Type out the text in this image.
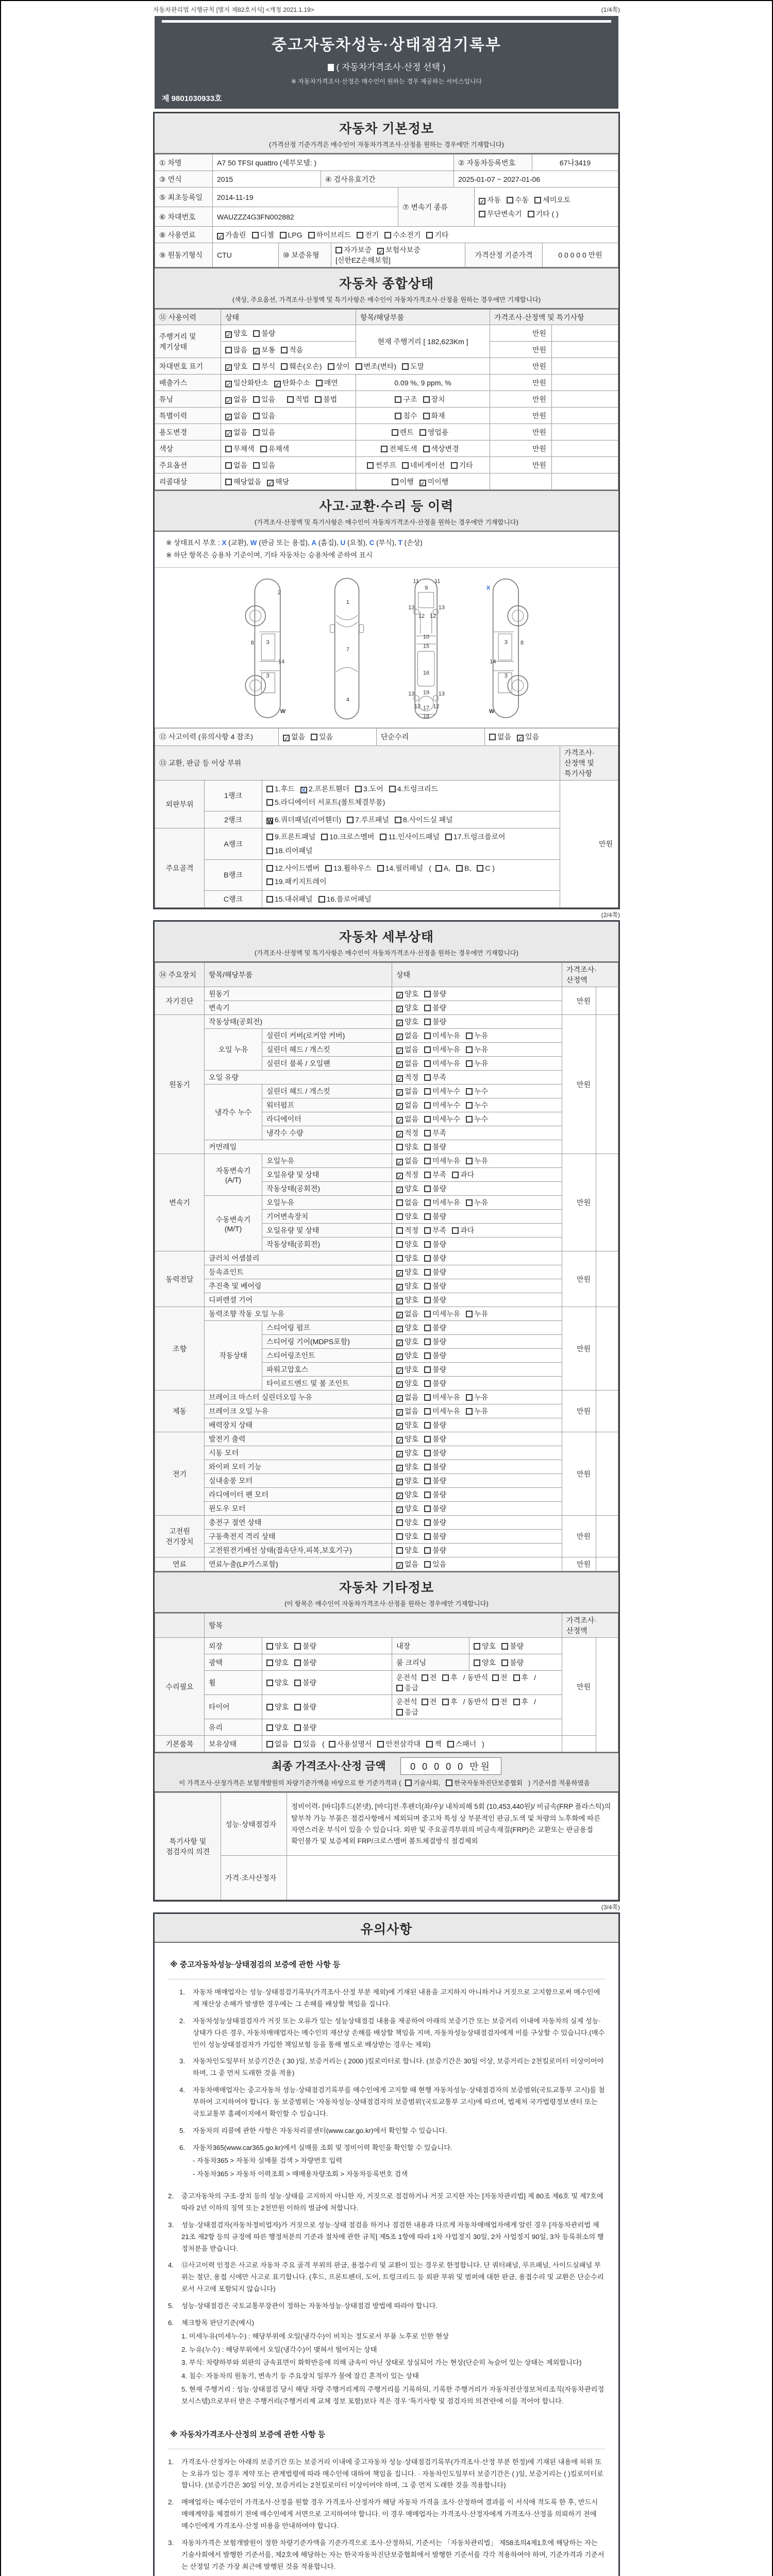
자동차관리법 시행규칙 [별지 제82호서식] <개정 2021.1.19>	(1/4쪽)
중고자동차성능·상태점검기록부
( 자동차가격조사·산정 선택 )
※ 자동차가격조사·산정은 매수인이 원하는 경우 제공하는 서비스입니다
제 9801030933호
자동차 기본정보
(가격산정 기준가격은 매수인이 자동차가격조사·산정을 원하는 경우에만 기재합니다)
① 차명	A7 50 TFSI quattro (세부모델: )	② 자동차등록번호	67나3419
③ 연식	2015	④ 검사유효기간	2025-01-07 ~ 2027-01-06
⑤ 최초등록일	2014-11-19	⑦ 변속기 종류	✓ 자동 수동 세미오토
무단변속기 기타 ( )
⑥ 차대번호	WAUZZZ4G3FN002882		
⑧ 사용연료	✓ 가솔린 디젤 LPG 하이브리드 전기 수소전기 기타
⑨ 원동기형식	CTU	⑩ 보증유형	자가보증 ✓ 보험사보증[신한EZ손해보험]	가격산정 기준가격	0 0 0 0 0 만원
자동차 종합상태
(색상, 주요옵션, 가격조사·산정액 및 특기사항은 매수인이 자동차가격조사·산정을 원하는 경우에만 기재합니다)
⑪ 사용이력	상태	항목/해당부품	가격조사·산정액 및 특기사항	
주행거리 및 계기상태	✓ 양호 불량	현재 주행거리 [ 182,623Km ]	만원	
	많음 ✓ 보통 적음		만원	
차대번호 표기	✓ 양호 부식 훼손(오손) 상이 변조(변타) 도말		만원	
배출가스	✓ 일산화탄소 ✓ 탄화수소 매연	0.09 %, 9 ppm, %	만원	
튜닝	✓ 없음 있음 적법 불법	구조 장치	만원	
특별이력	✓ 없음 있음	침수 화재	만원	
용도변경	✓ 없음 있음	렌트 영업용	만원	
색상	무채색 유채색	전체도색 색상변경	만원	
주요옵션	없음 있음	썬루프 네비게이션 기타	만원	
리콜대상	해당없음 ✓ 해당	이행 ✓ 미이행		
사고·교환·수리 등 이력
(가격조사·산정액 및 특기사항은 매수인이 자동차가격조사·산정을 원하는 경우에만 기재합니다)
※ 상태표시 부호 : X (교환), W (판금 또는 용접), A (흠집), U (요철), C (부식), T (손상)
※ 하단 항목은 승용차 기준이며, 기타 자동차는 승용차에 준하여 표시
2
8 3
14
3
W
1
7
4
9
11 11
13	13
12 12
10
15
16
13 19 13
12 17 12
18
X
3 8
14
3
W
⑫ 사고이력 (유의사항 4 참조)	✓ 없음 있음	단순수리	없음 ✓ 있음
⑬ 교환, 판금 등 이상 부위			가격조사·산정액 및 특기사항
외판부위	1랭크	1.후드 X 2.프론트휀더 3.도어 4.트렁크리드
5.라디에이터 서포트(볼트체결부품)	만원
	2랭크	W 6.쿼더패널(리어휀더) 7.루프패널 8.사이드실 패널	
주요골격	A랭크	9.프론트패널 10.크로스멤버 11.인사이드패널 17.트렁크플로어
18.리어패널	
	B랭크	12.사이드멤버 13.휠하우스 14.필러패널 ( A, B, C )
19.패키지트레이	
	C랭크	15.대쉬패널 16.플로어패널	
(2/4쪽)
자동차 세부상태
(가격조사·산정액 및 특기사항은 매수인이 자동차가격조사·산정을 원하는 경우에만 기재합니다)
⑭ 주요장치	항목/해당부품		상태	가격조사·산정액	
자기진단	원동기		✓ 양호 불량	만원	
	변속기		✓ 양호 불량		
원동기	작동상태(공회전)		✓ 양호 불량	만원	
	오일 누유	실린더 커버(로커암 커버)	✓ 없음 미세누유 누유		
		실린더 헤드 / 개스킷	✓ 없음 미세누유 누유		
		실린더 블록 / 오일팬	✓ 없음 미세누유 누유		
	오일 유량		✓ 적정 부족		
	냉각수 누수	실린더 헤드 / 개스킷	✓ 없음 미세누수 누수		
		워터펌프	✓ 없음 미세누수 누수		
		라디에이터	✓ 없음 미세누수 누수		
		냉각수 수량	✓ 적정 부족		
	커먼레일		양호 불량		
변속기	자동변속기 (A/T)	오일누유	✓ 없음 미세누유 누유	만원	
		오일유량 및 상태	✓ 적정 부족 과다		
		작동상태(공회전)	✓ 양호 불량		
	수동변속기 (M/T)	오일누유	없음 미세누유 누유		
		기어변속장치	양호 불량		
		오일유량 및 상태	적정 부족 과다		
		작동상태(공회전)	양호 불량		
동력전달	클러치 어셈블리		양호 불량	만원	
	등속죠인트		✓ 양호 불량		
	추진축 및 베어링		✓ 양호 불량		
	디퍼렌셜 기어		✓ 양호 불량		
조향	동력조향 작동 오일 누유		✓ 없음 미세누유 누유	만원	
	작동상태	스티어링 펌프	✓ 양호 불량		
		스티어링 기어(MDPS포함)	✓ 양호 불량		
		스티어링조인트	✓ 양호 불량		
		파워고압호스	✓ 양호 불량		
		타이로드엔드 및 볼 조인트	✓ 양호 불량		
제동	브레이크 마스터 실린더오일 누유		✓ 없음 미세누유 누유	만원	
	브레이크 오일 누유		✓ 없음 미세누유 누유		
	배력장치 상태		✓ 양호 불량		
전기	발전기 출력		✓ 양호 불량	만원	
	시동 모터		✓ 양호 불량		
	와이퍼 모터 기능		✓ 양호 불량		
	실내송풍 모터		✓ 양호 불량		
	라디에이터 팬 모터		✓ 양호 불량		
	윈도우 모터		✓ 양호 불량		
고전원 전기장치	충전구 절연 상태		양호 불량	만원	
	구동축전지 격리 상태		양호 불량		
	고전원전기배선 상태(접속단자,피복,보호기구)		양호 불량		
연료	연료누출(LP가스포함)		✓ 없음 있음	만원	
자동차 기타정보
(이 항목은 매수인이 자동차가격조사·산정을 원하는 경우에만 기재합니다)
	항목				가격조사·산정액	
수리필요	외장	양호 불량	내장	양호 불량	만원	
	광택	양호 불량	룸 크리닝	양호 불량		
	휠	양호 불량	운전석 전 후 / 동반석 전 후 /응급			
	타이어	양호 불량	운전석 전 후 / 동반석 전 후 /응급			
	유리	양호 불량				
기본품목	보유상태	없음 있음 ( 사용설명서 안전삼각대 잭 스패너 )				
최종 가격조사·산정 금액	0 0 0 0 0 만원
이 가격조사·산정가격은 보험개발원의 차량기준가액을 바탕으로 한 기준가격과 ( 기술사회, 한국자동차진단보증협회 ) 기준서를 적용하였음
특기사항 및 점검자의 의견	성능·상태점검자	정비이력- [바디]후드(본넷), [바디]전·후펜더(좌/우)/ 내차피해 5회 (10,453,440원)/ 비금속(FRP 플라스틱)의 탈부착 가능 부품은 점검사항에서 제외되며 중고차 특성 상 부분적인 판금,도색 및 차량의 노후화에 따른 자연스러운 부식이 있을 수 있습니다. 외판 및 주요골격부위의 비금속재질(FRP)은 교환또는 판금용접 확인불가 및 보증제외 FRP/크로스멤버 볼트체결방식 점검제외
	가격·조사산정자	
(3/4쪽)
유의사항
※ 중고자동차성능·상태점검의 보증에 관한 사항 등
1.	자동차 매매업자는 성능·상태점검기록부(가격조사·산정 부분 제외)에 기재된 내용을 고지하지 아니하거나 거짓으로 고지함으로써 매수인에게 재산상 손해가 발생한 경우에는 그 손해를 배상할 책임을 집니다.
2.	자동차성능상태점검자가 거짓 또는 오류가 있는 성능상태점검 내용을 제공하여 아래의 보증기간 또는 보증거리 이내에 자동차의 실제 성능·상태가 다른 경우, 자동차매매업자는 매수인의 재산상 손해를 배상할 책임을 지며, 자동차성능상태점검자에게 이를 구상할 수 있습니다.(매수인이 성능상태점검자가 가입한 책임보험 등을 통해 별도로 배상받는 경우는 제외)
3.	자동차인도일부터 보증기간은 ( 30 )일, 보증거리는 ( 2000 )킬로미터로 합니다. (보증기간은 30일 이상, 보증거리는 2천킬로미터 이상이어야 하며, 그 중 먼저 도래한 것을 적용)
4.	자동차매매업자는 중고자동차 성능·상태점검기록부를 매수인에게 고지할 때 현행 자동차성능·상태점검자의 보증범위(국토교통부 고시)를 첨부하여 고지하여야 합니다. 동 보증범위는 '자동차성능·상태점검자의 보증범위'(국토교통부 고시)에 따르며, 법제처 국가법령정보센터 또는 국토교통부 홈페이지에서 확인할 수 있습니다.
5.	자동차의 리콜에 관한 사항은 자동차리콜센터(www.car.go.kr)에서 확인할 수 있습니다.
6.	자동차365(www.car365.go.kr)에서 실매물 조회 및 정비이력 확인을 확인할 수 있습니다.
- 자동차365 > 자동차 실매물 검색 > 차량번호 입력
- 자동차365 > 자동차 이력조회 > 매매용차량조회 > 자동차등록번호 검색
2.	중고자동차의 구조·장치 등의 성능·상태를 고지하지 아니한 자, 거짓으로 점검하거나 거짓 고지한 자는 [자동차관리법] 제 80조 제6호 및 제7호에 따라 2년 이하의 징역 또는 2천만원 이하의 벌금에 처합니다.
3.	성능·상태점검자(자동차정비업자)가 거짓으로 성능·상태 점검을 하거나 점검한 내용과 다르게 자동차매매업자에게 알린 경우 [자동차관리법 제21조 제2항 등의 규정에 따른 행정처분의 기준과 절차에 관한 규칙] 제5조 1항에 따라 1차 사업정지 30일, 2차 사업정지 90일, 3차 등록취소의 행정처분을 받습니다.
4.	⑫사고이력 인정은 사고로 자동차 주요 골격 부위의 판금, 용접수리 및 교환이 있는 경우로 한정합니다. 단 쿼터패널, 루프패널, 사이드실패널 부위는 절단, 용접 시에만 사고로 표기합니다. (후드, 프론트펜더, 도어, 트렁크리드 등 외판 부위 및 범퍼에 대한 판금, 용접수리 및 교환은 단순수리로서 사고에 포함되지 않습니다)
5.	성능·상태점검은 국토교통부장관이 정하는 자동차성능·상태점검 방법에 따라야 합니다.
6.	체크항목 판단기준(예시)
1. 미세누유(미세누수) : 해당부위에 오일(냉각수)이 비치는 정도로서 부품 노후로 인한 현상
2. 누유(누수) : 해당부위에서 오일(냉각수)이 맺혀서 떨어지는 상태
3. 부식: 차량하부와 외판의 금속표면이 화학반응에 의해 금속이 아닌 상태로 상실되어 가는 현상(단순히 녹슬어 있는 상태는 제외합니다)
4. 침수: 자동차의 원동기, 변속기 등 주요장치 일부가 물에 잠긴 흔적이 있는 상태
5. 현재 주행거리 : 성능·상태점검 당시 해당 차량 주행거리계의 주행거리를 기록하되, 기록한 주행거리가 자동차전산정보처리조직(자동차관리정보시스템)으로부터 받은 주행거리(주행거리계 교체 정보 포함)보다 적은 경우 '특기사항 및 점검자의 의견'란에 이를 적어야 합니다.
※ 자동차가격조사·산정의 보증에 관한 사항 등
1.	가격조사·산정자는 아래의 보증기간 또는 보증거리 이내에 중고자동차 성능·상태점검기록부(가격조사·산정 부분 한정)에 기재된 내용에 허위 또는 오류가 있는 경우 계약 또는 관계법령에 따라 매수인에 대하여 책임을 집니다. · 자동차인도일부터 보증기간은 ( )일, 보증거리는 ( )킬로미터로 합니다. (보증기간은 30일 이상, 보증거리는 2천킬로미터 이상이어야 하며, 그 중 먼저 도래한 것을 적용합니다)
2.	매매업자는 매수인이 가격조사·산정을 원할 경우 가격조사·산정자가 해당 자동차 가격을 조사·산정하여 결과를 이 서식에 적도록 한 후, 반드시 매매계약을 체결하기 전에 매수인에게 서면으로 고지하여야 합니다. 이 경우 매매업자는 가격조사·산정자에게 가격조사·산정을 의뢰하기 전에 매수인에게 가격조사·산정 비용을 안내하여야 합니다.
3.	자동차가격은 보험개발원이 정한 차량기준가액을 기준가격으로 조사·산정하되, 기준서는 「자동차관리법」 제58조의4제1호에 해당하는 자는 기술사회에서 발행한 기준서를, 제2호에 해당하는 자는 한국자동차진단보증협회에서 발행한 기준서를 각각 적용하여야 하며, 기준가격과 기준서는 산정일 기준 가장 최근에 발행된 것을 적용합니다.
